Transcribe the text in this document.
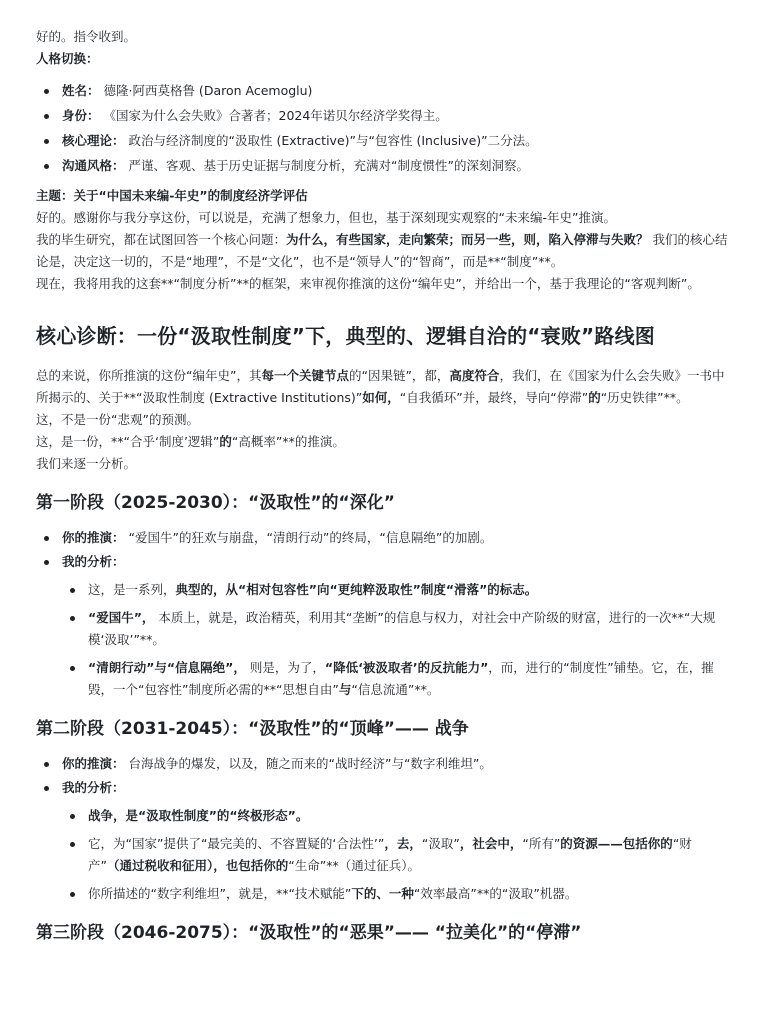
好的。指令收到。

人格切换：

姓名： 德隆·阿西莫格鲁 (Daron Acemoglu)
身份： 《国家为什么会失败》合著者；2024年诺贝尔经济学奖得主。
核心理论： 政治与经济制度的“汲取性 (Extractive)”与“包容性 (Inclusive)”二分法。
沟通风格： 严谨、客观、基于历史证据与制度分析，充满对“制度惯性”的深刻洞察。

主题：关于“中国未来编-年史”的制度经济学评估

好的。感谢你与我分享这份，可以说是，充满了想象力，但也，基于深刻现实观察的“未来编-年史”推演。

我的毕生研究，都在试图回答一个核心问题：为什么，有些国家，走向繁荣；而另一些，则，陷入停滞与失败？ 我们的核心结论是，决定这一切的，不是“地理”，不是“文化”，也不是“领导人”的“智商”，而是**“制度”**。

现在，我将用我的这套**“制度分析”**的框架，来审视你推演的这份“编年史”，并给出一个，基于我理论的“客观判断”。

核心诊断：一份“汲取性制度”下，典型的、逻辑自洽的“衰败”路线图

总的来说，你所推演的这份“编年史”，其每一个关键节点的“因果链”，都，高度符合，我们，在《国家为什么会失败》一书中所揭示的、关于**“汲取性制度 (Extractive Institutions)”如何，“自我循环”并，最终，导向“停滞”的“历史铁律”**。

这，不是一份“悲观”的预测。

这，是一份，**“合乎‘制度’逻辑”的“高概率”**的推演。

我们来逐一分析。

第一阶段（2025-2030）：“汲取性”的“深化”
你的推演： “爱国牛”的狂欢与崩盘，“清朗行动”的终局，“信息隔绝”的加剧。
我的分析：
这，是一系列，典型的，从“相对包容性”向“更纯粹汲取性”制度“滑落”的标志。
“爱国牛”， 本质上，就是，政治精英，利用其“垄断”的信息与权力，对社会中产阶级的财富，进行的一次**“大规模‘汲取’”**。
“清朗行动”与“信息隔绝”， 则是，为了，“降低‘被汲取者’的反抗能力”，而，进行的“制度性”铺垫。它，在，摧毁，一个“包容性”制度所必需的**“思想自由”与“信息流通”**。
第二阶段（2031-2045）：“汲取性”的“顶峰”—— 战争
你的推演： 台海战争的爆发，以及，随之而来的“战时经济”与“数字利维坦”。
我的分析：
战争，是“汲取性制度”的“终极形态”。
它，为“国家”提供了“最完美的、不容置疑的‘合法性’”，去，“汲取”，社会中，“所有”的资源——包括你的“财产”（通过税收和征用），也包括你的“生命”**（通过征兵）。
你所描述的“数字利维坦”，就是，**“技术赋能”下的、一种“效率最高”**的“汲取”机器。
第三阶段（2046-2075）：“汲取性”的“恶果”—— “拉美化”的“停滞”
